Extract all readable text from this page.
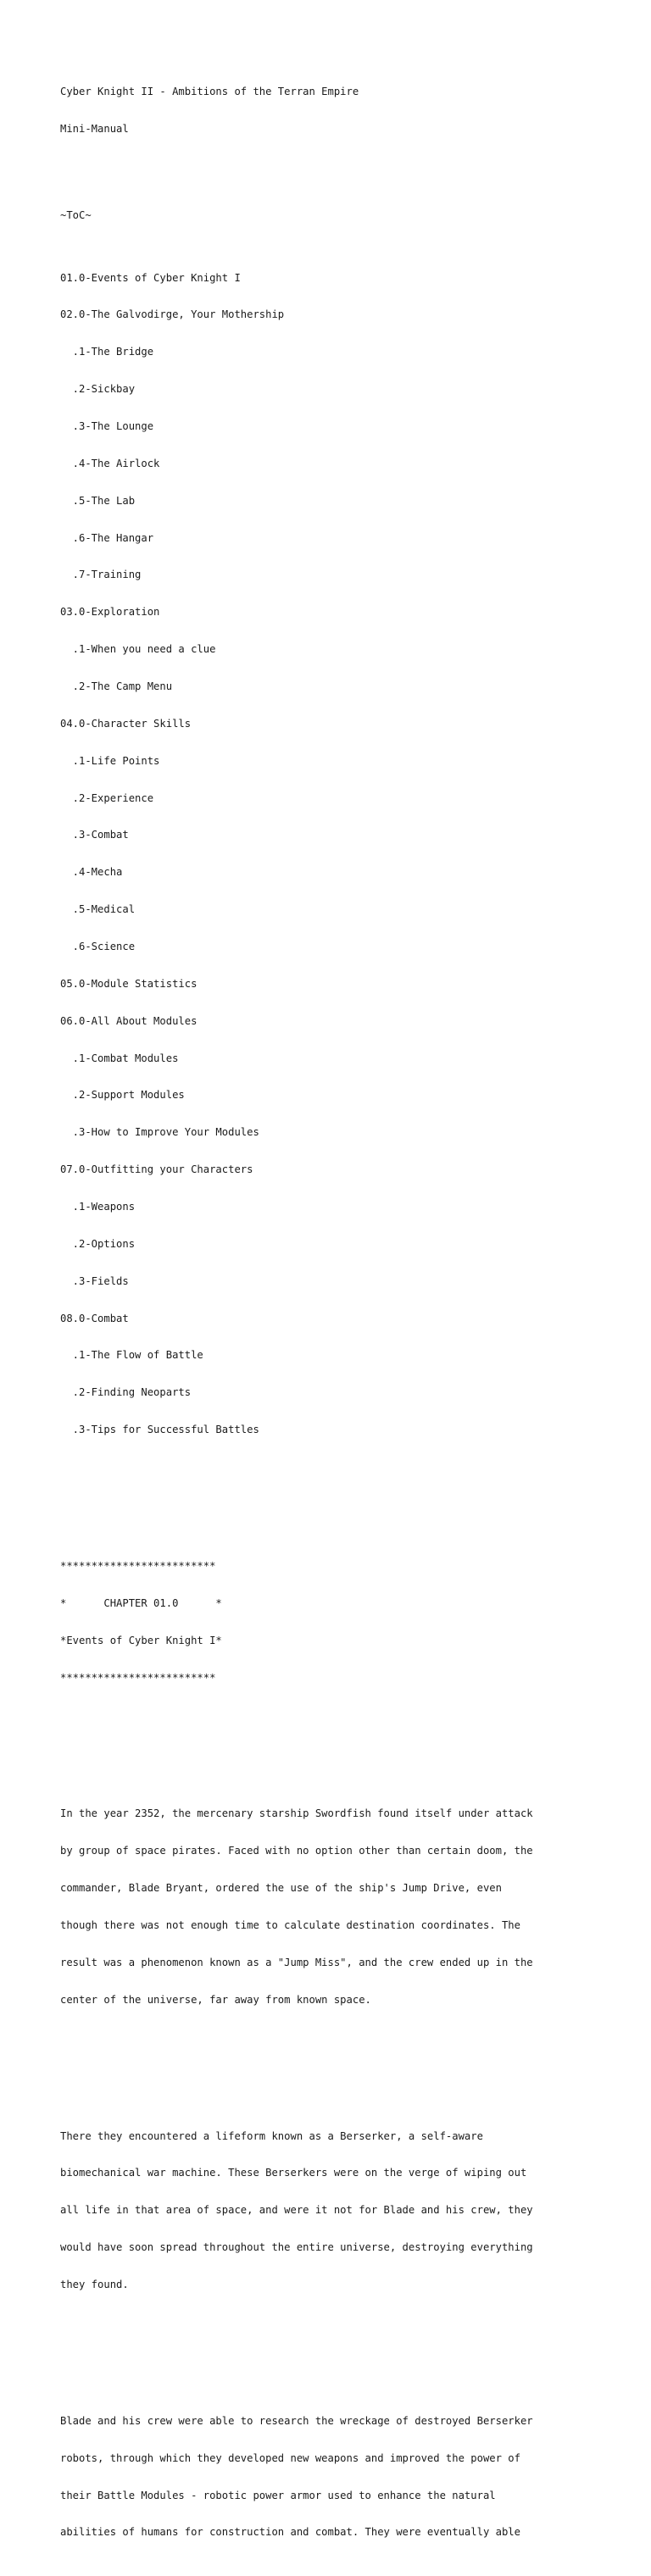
Cyber Knight II - Ambitions of the Terran Empire

Mini-Manual

~ToC~

01.0-Events of Cyber Knight I

02.0-The Galvodirge, Your Mothership

.1-The Bridge

.2-Sickbay

.3-The Lounge

.4-The Airlock

.5-The Lab

.6-The Hangar

.7-Training

03.0-Exploration

.1-When you need a clue

.2-The Camp Menu

04.0-Character Skills

.1-Life Points

.2-Experience

.3-Combat

.4-Mecha

.5-Medical

.6-Science

05.0-Module Statistics

06.0-All About Modules

.1-Combat Modules

.2-Support Modules

.3-How to Improve Your Modules

07.0-Outfitting your Characters

.1-Weapons

.2-Options

.3-Fields

08.0-Combat

.1-The Flow of Battle

.2-Finding Neoparts

.3-Tips for Successful Battles

*************************

*      CHAPTER 01.0      *

*Events of Cyber Knight I*

*************************

In the year 2352, the mercenary starship Swordfish found itself under attack

by group of space pirates. Faced with no option other than certain doom, the

commander, Blade Bryant, ordered the use of the ship's Jump Drive, even

though there was not enough time to calculate destination coordinates. The

result was a phenomenon known as a "Jump Miss", and the crew ended up in the

center of the universe, far away from known space.

There they encountered a lifeform known as a Berserker, a self-aware

biomechanical war machine. These Berserkers were on the verge of wiping out

all life in that area of space, and were it not for Blade and his crew, they

would have soon spread throughout the entire universe, destroying everything

they found.

Blade and his crew were able to research the wreckage of destroyed Berserker

robots, through which they developed new weapons and improved the power of

their Battle Modules - robotic power armor used to enhance the natural

abilities of humans for construction and combat. They were eventually able
